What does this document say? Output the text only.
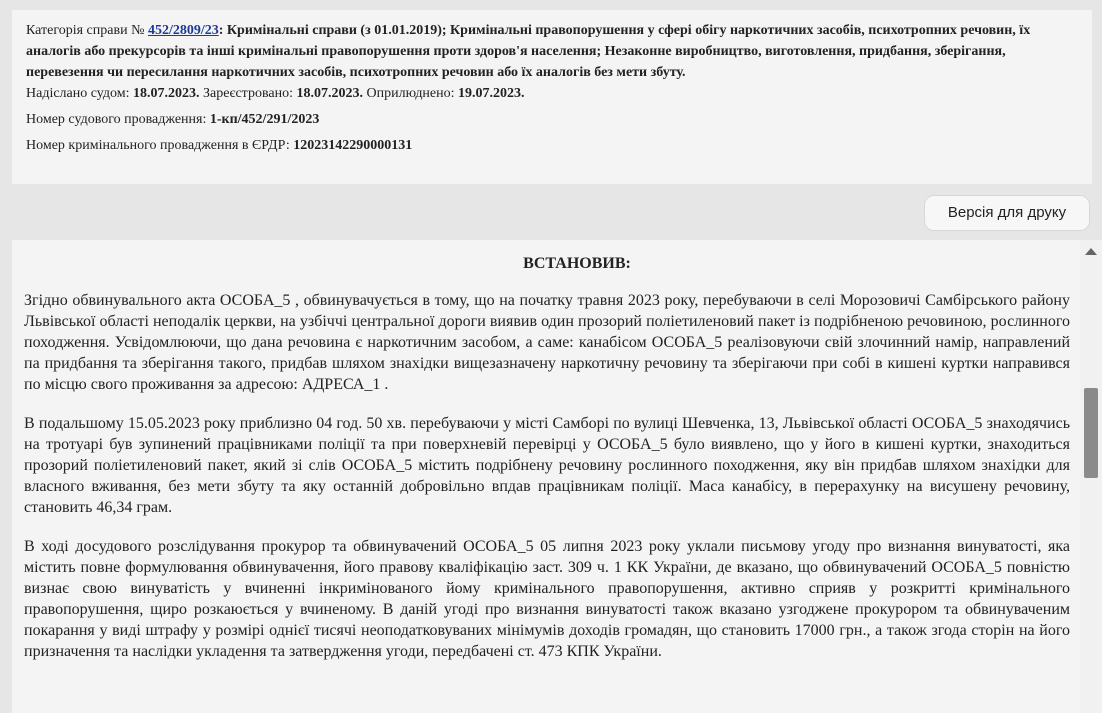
Категорія справи № 452/2809/23: Кримінальні справи (з 01.01.2019); Кримінальні правопорушення у сфері обігу наркотичних засобів, психотропних речовин, їх аналогів або прекурсорів та інші кримінальні правопорушення проти здоров'я населення; Незаконне виробництво, виготовлення, придбання, зберігання, перевезення чи пересилання наркотичних засобів, психотропних речовин або їх аналогів без мети збуту.

Надіслано судом: 18.07.2023. Зареєстровано: 18.07.2023. Оприлюднено: 19.07.2023.

Номер судового провадження: 1-кп/452/291/2023

Номер кримінального провадження в ЄРДР: 12023142290000131

Версія для друку
ВСТАНОВИВ:

Згідно обвинувального акта ОСОБА_5 , обвинувачується в тому, що на початку травня 2023 року, перебуваючи в селі Морозовичі Самбірського району Львівської області неподалік церкви, на узбіччі центральної дороги виявив один прозорий поліетиленовий пакет із подрібненою речовиною, рослинного походження. Усвідомлюючи, що дана речовина є наркотичним засобом, а саме: канабісом ОСОБА_5 реалізовуючи свій злочинний намір, направлений па придбання та зберігання такого, придбав шляхом знахідки вищезазначену наркотичну речовину та зберігаючи при собі в кишені куртки направився по місцю свого проживання за адресою: АДРЕСА_1 .

В подальшому 15.05.2023 року приблизно 04 год. 50 хв. перебуваючи у місті Самборі по вулиці Шевченка, 13, Львівської області ОСОБА_5 знаходячись на тротуарі був зупинений працівниками поліції та при поверхневій перевірці у ОСОБА_5 було виявлено, що у його в кишені куртки, знаходиться прозорий поліетиленовий пакет, який зі слів ОСОБА_5 містить подрібнену речовину рослинного походження, яку він придбав шляхом знахідки для власного вживання, без мети збуту та яку останній добровільно впдав працівникам поліції. Маса канабісу, в перерахунку на висушену речовину, становить 46,34 грам.

В ході досудового розслідування прокурор та обвинувачений ОСОБА_5 05 липня 2023 року уклали письмову угоду про визнання винуватості, яка містить повне формулювання обвинувачення, його правову кваліфікацію заст. 309 ч. 1 КК України, де вказано, що обвинувачений ОСОБА_5 повністю визнає свою винуватість у вчиненні інкримінованого йому кримінального правопорушення, активно сприяв у розкритті кримінального правопорушення, щиро розкаюється у вчиненому. В даній угоді про визнання винуватості також вказано узгоджене прокурором та обвинуваченим покарання у виді штрафу у розмірі однієї тисячі неоподатковуваних мінімумів доходів громадян, що становить 17000 грн., а також згода сторін на його призначення та наслідки укладення та затвердження угоди, передбачені ст. 473 КПК України.
